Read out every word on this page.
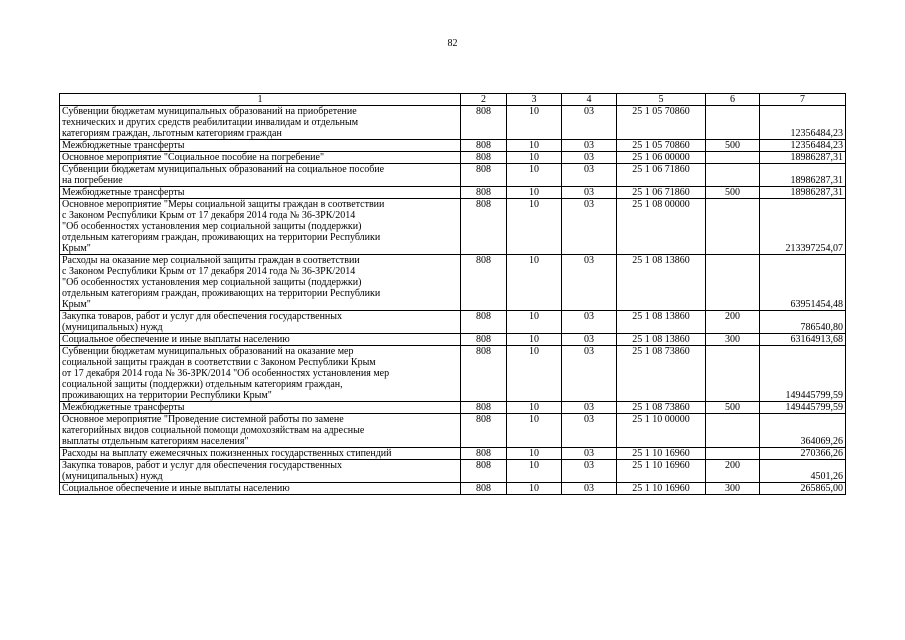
82
1	2	3	4	5	6	7
Субвенции бюджетам муниципальных образований на приобретение
технических и других средств реабилитации инвалидам и отдельным
категориям граждан, льготным категориям граждан	808	10	03	25 1 05 70860		12356484,23
Межбюджетные трансферты	808	10	03	25 1 05 70860	500	12356484,23
Основное мероприятие "Социальное пособие на погребение"	808	10	03	25 1 06 00000		18986287,31
Субвенции бюджетам муниципальных образований на социальное пособие
на погребение	808	10	03	25 1 06 71860		18986287,31
Межбюджетные трансферты	808	10	03	25 1 06 71860	500	18986287,31
Основное мероприятие "Меры социальной защиты граждан в соответствии
с Законом Республики Крым от 17 декабря 2014 года № 36-ЗРК/2014
"Об особенностях установления мер социальной защиты (поддержки)
отдельным категориям граждан, проживающих на территории Республики
Крым"	808	10	03	25 1 08 00000		213397254,07
Расходы на оказание мер социальной защиты граждан в соответствии
с Законом Республики Крым от 17 декабря 2014 года № 36-ЗРК/2014
"Об особенностях установления мер социальной защиты (поддержки)
отдельным категориям граждан, проживающих на территории Республики
Крым"	808	10	03	25 1 08 13860		63951454,48
Закупка товаров, работ и услуг для обеспечения государственных
(муниципальных) нужд	808	10	03	25 1 08 13860	200	786540,80
Социальное обеспечение и иные выплаты населению	808	10	03	25 1 08 13860	300	63164913,68
Субвенции бюджетам муниципальных образований на оказание мер
социальной защиты граждан в соответствии с Законом Республики Крым
от 17 декабря 2014 года № 36-ЗРК/2014 "Об особенностях установления мер
социальной защиты (поддержки) отдельным категориям граждан,
проживающих на территории Республики Крым"	808	10	03	25 1 08 73860		149445799,59
Межбюджетные трансферты	808	10	03	25 1 08 73860	500	149445799,59
Основное мероприятие "Проведение системной работы по замене
категорийных видов социальной помощи домохозяйствам на адресные
выплаты отдельным категориям населения"	808	10	03	25 1 10 00000		364069,26
Расходы на выплату ежемесячных пожизненных государственных стипендий	808	10	03	25 1 10 16960		270366,26
Закупка товаров, работ и услуг для обеспечения государственных
(муниципальных) нужд	808	10	03	25 1 10 16960	200	4501,26
Социальное обеспечение и иные выплаты населению	808	10	03	25 1 10 16960	300	265865,00
